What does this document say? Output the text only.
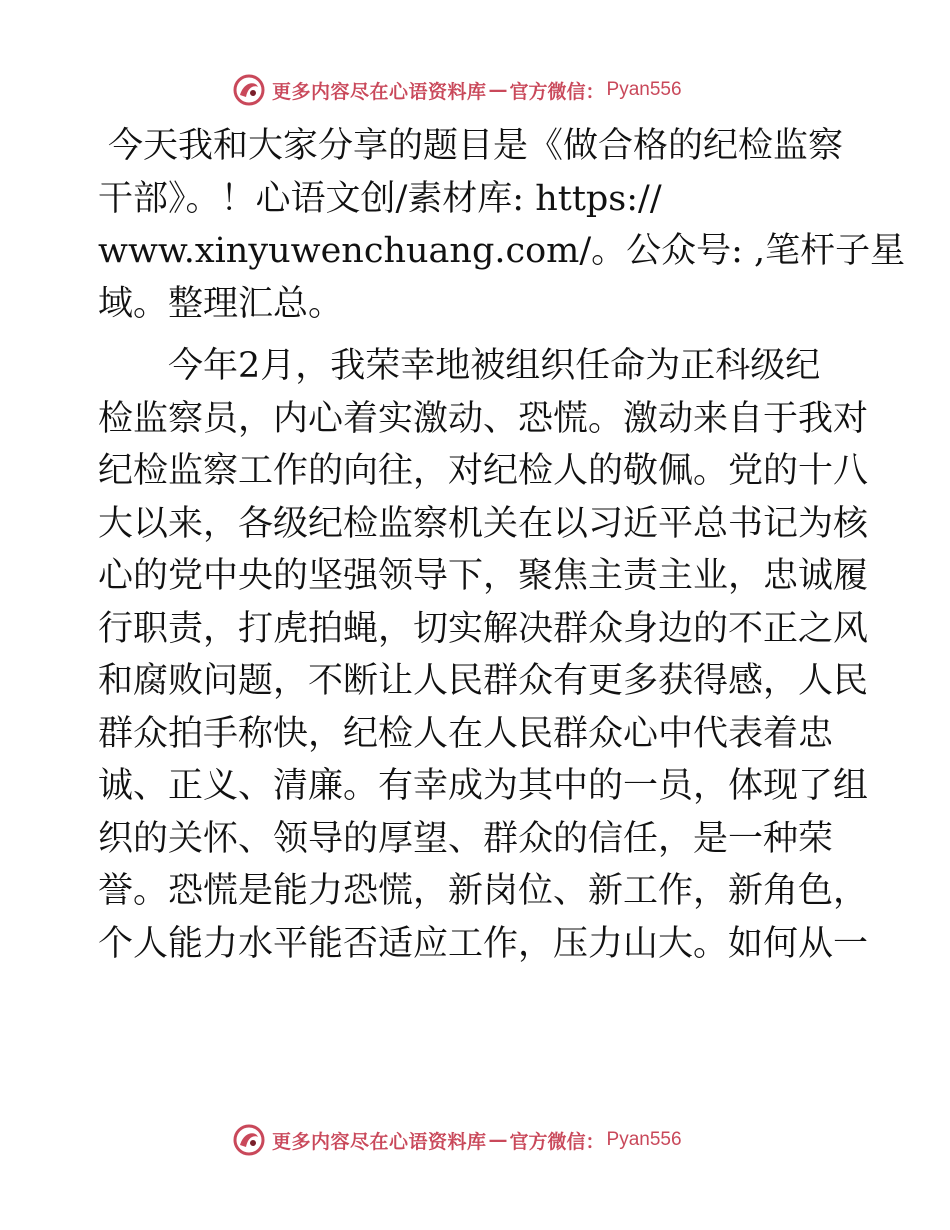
更多内容尽在心语资料库 — 官方微信： Pyan556
今天我和大家分享的题目是《做合格的纪检监察
干部》。！心语文创/素材库: https://
www.xinyuwenchuang.com/。公众号: ,笔杆子星
域。整理汇总。
今年2月，我荣幸地被组织任命为正科级纪
检监察员，内心着实激动、恐慌。激动来自于我对
纪检监察工作的向往，对纪检人的敬佩。党的十八
大以来，各级纪检监察机关在以习近平总书记为核
心的党中央的坚强领导下，聚焦主责主业，忠诚履
行职责，打虎拍蝇，切实解决群众身边的不正之风
和腐败问题，不断让人民群众有更多获得感，人民
群众拍手称快，纪检人在人民群众心中代表着忠
诚、正义、清廉。有幸成为其中的一员，体现了组
织的关怀、领导的厚望、群众的信任，是一种荣
誉。恐慌是能力恐慌，新岗位、新工作，新角色，
个人能力水平能否适应工作，压力山大。如何从一
更多内容尽在心语资料库 — 官方微信： Pyan556
